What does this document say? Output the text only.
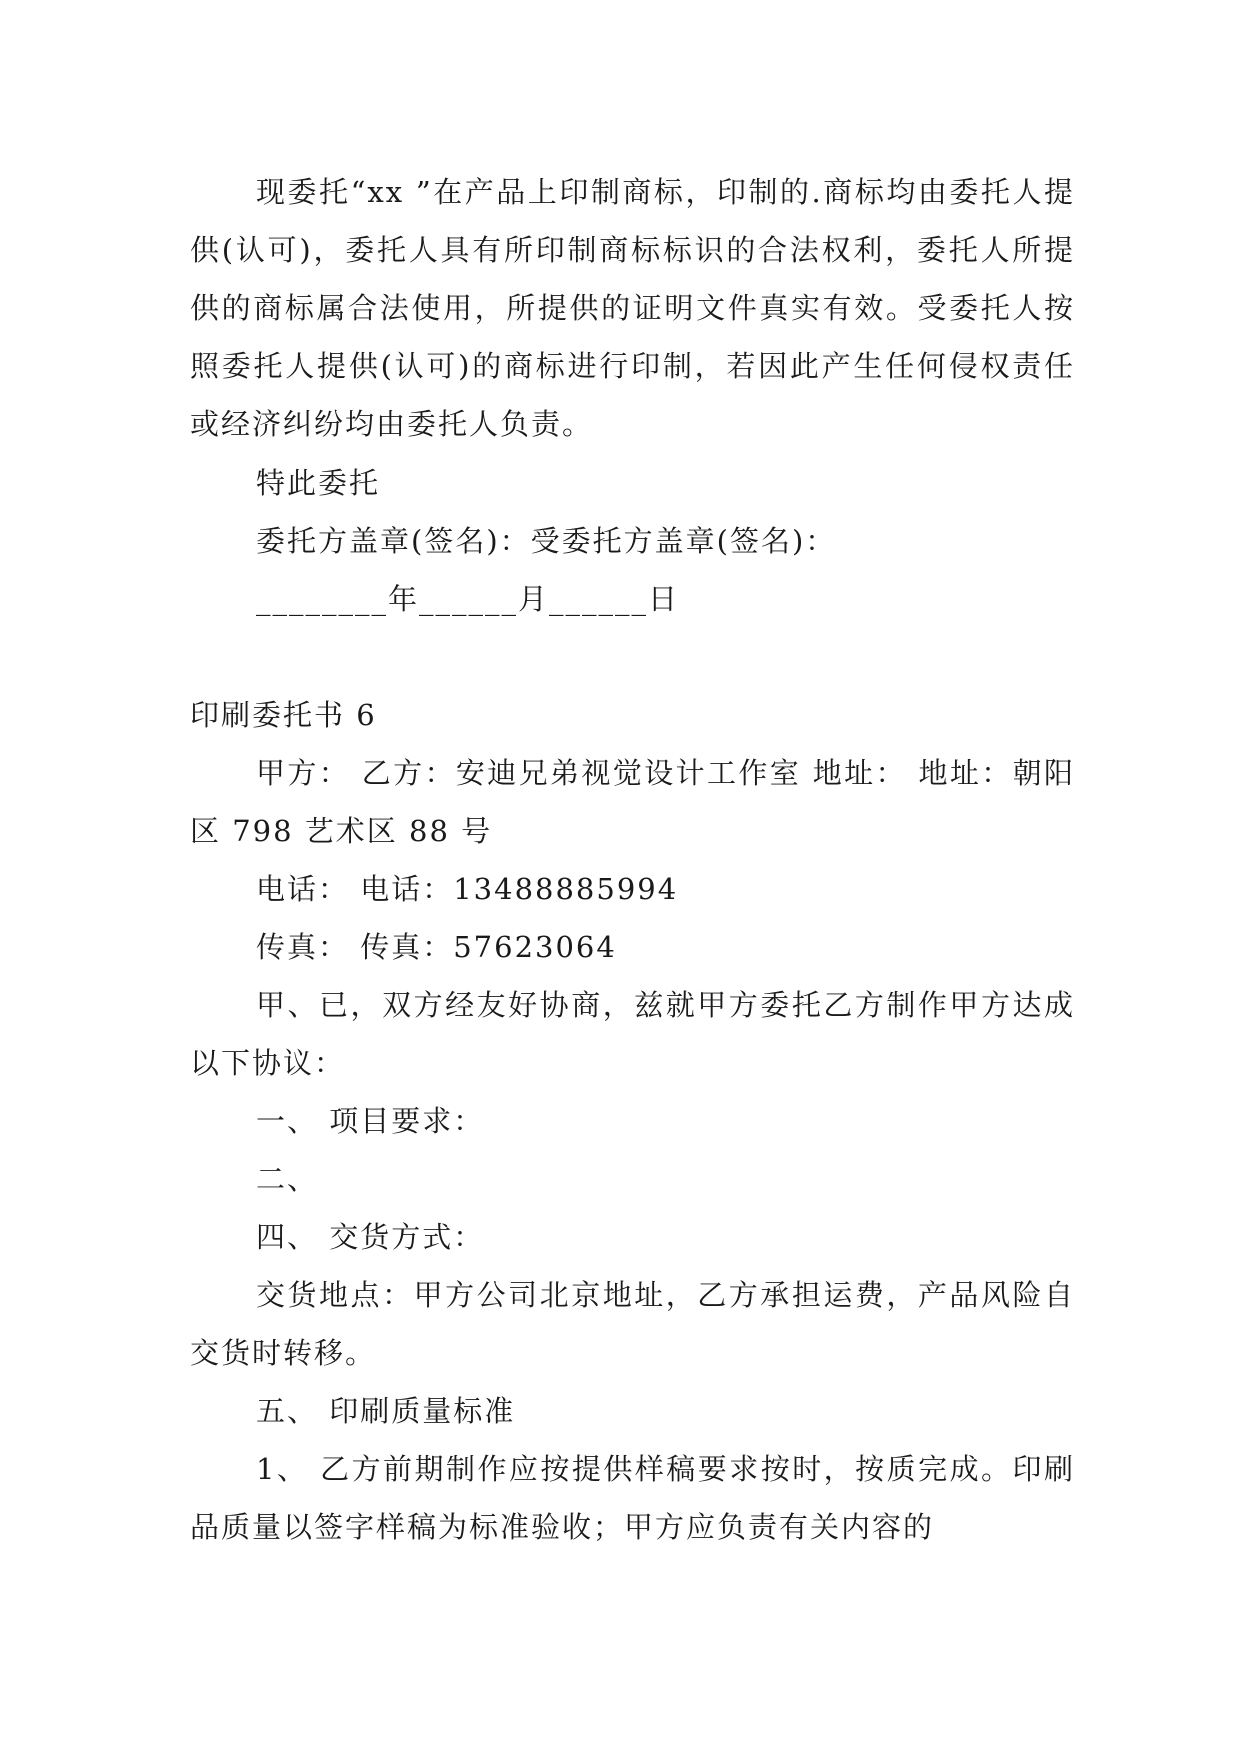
现委托“xx ”在产品上印制商标，印制的.商标均由委托人提供(认可)，委托人具有所印制商标标识的合法权利，委托人所提供的商标属合法使用，所提供的证明文件真实有效。受委托人按照委托人提供(认可)的商标进行印制，若因此产生任何侵权责任或经济纠纷均由委托人负责。

特此委托

委托方盖章(签名)：受委托方盖章(签名)：

________年______月______日

印刷委托书 6

甲方： 乙方：安迪兄弟视觉设计工作室 地址： 地址：朝阳区 798 艺术区 88 号

电话： 电话：13488885994

传真： 传真：57623064

甲、已，双方经友好协商，兹就甲方委托乙方制作甲方达成以下协议：

一、 项目要求：

二、

四、 交货方式：

交货地点：甲方公司北京地址，乙方承担运费，产品风险自交货时转移。

五、 印刷质量标准

1、 乙方前期制作应按提供样稿要求按时，按质完成。印刷品质量以签字样稿为标准验收；甲方应负责有关内容的
